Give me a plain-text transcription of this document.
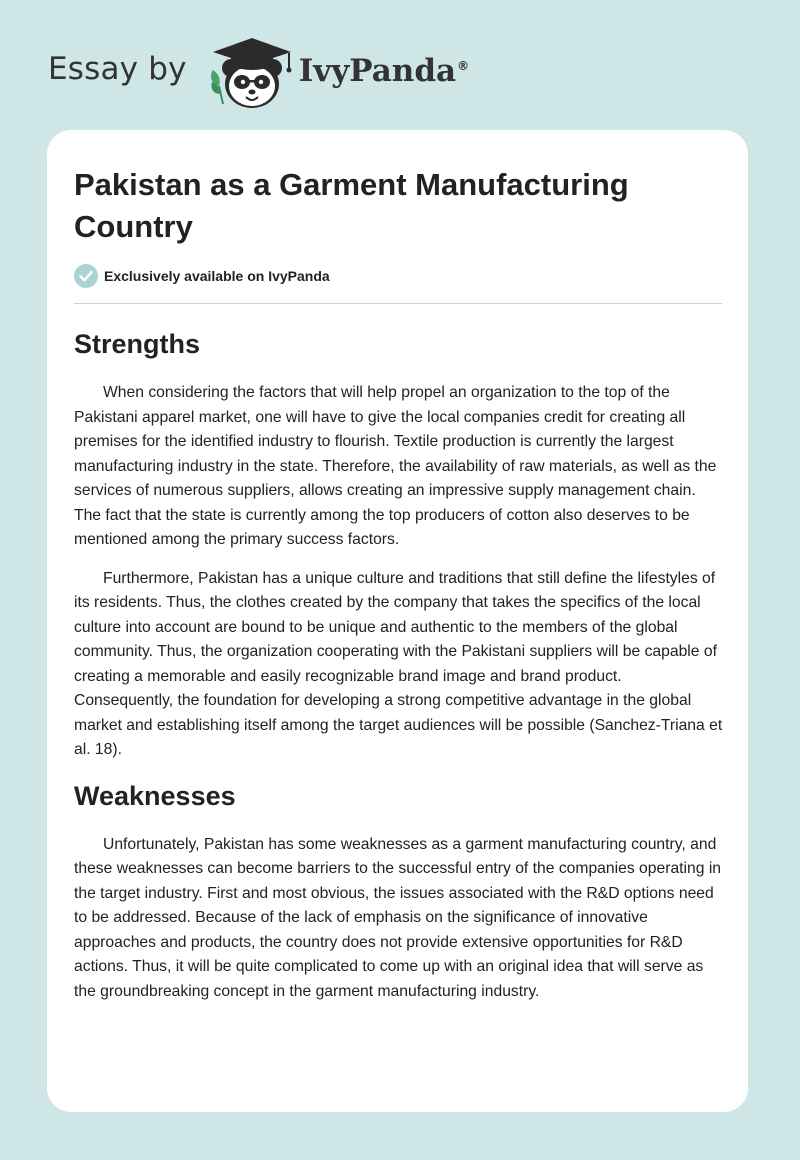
Essay by	IvyPanda®
Pakistan as a Garment Manufacturing Country
Exclusively available on IvyPanda
Strengths

When considering the factors that will help propel an organization to the top of the Pakistani apparel market, one will have to give the local companies credit for creating all premises for the identified industry to flourish. Textile production is currently the largest manufacturing industry in the state. Therefore, the availability of raw materials, as well as the services of numerous suppliers, allows creating an impressive supply management chain. The fact that the state is currently among the top producers of cotton also deserves to be mentioned among the primary success factors.

Furthermore, Pakistan has a unique culture and traditions that still define the lifestyles of its residents. Thus, the clothes created by the company that takes the specifics of the local culture into account are bound to be unique and authentic to the members of the global community. Thus, the organization cooperating with the Pakistani suppliers will be capable of creating a memorable and easily recognizable brand image and brand product. Consequently, the foundation for developing a strong competitive advantage in the global market and establishing itself among the target audiences will be possible (Sanchez-Triana et al. 18).

Weaknesses

Unfortunately, Pakistan has some weaknesses as a garment manufacturing country, and these weaknesses can become barriers to the successful entry of the companies operating in the target industry. First and most obvious, the issues associated with the R&D options need to be addressed. Because of the lack of emphasis on the significance of innovative approaches and products, the country does not provide extensive opportunities for R&D actions. Thus, it will be quite complicated to come up with an original idea that will serve as the groundbreaking concept in the garment manufacturing industry.
